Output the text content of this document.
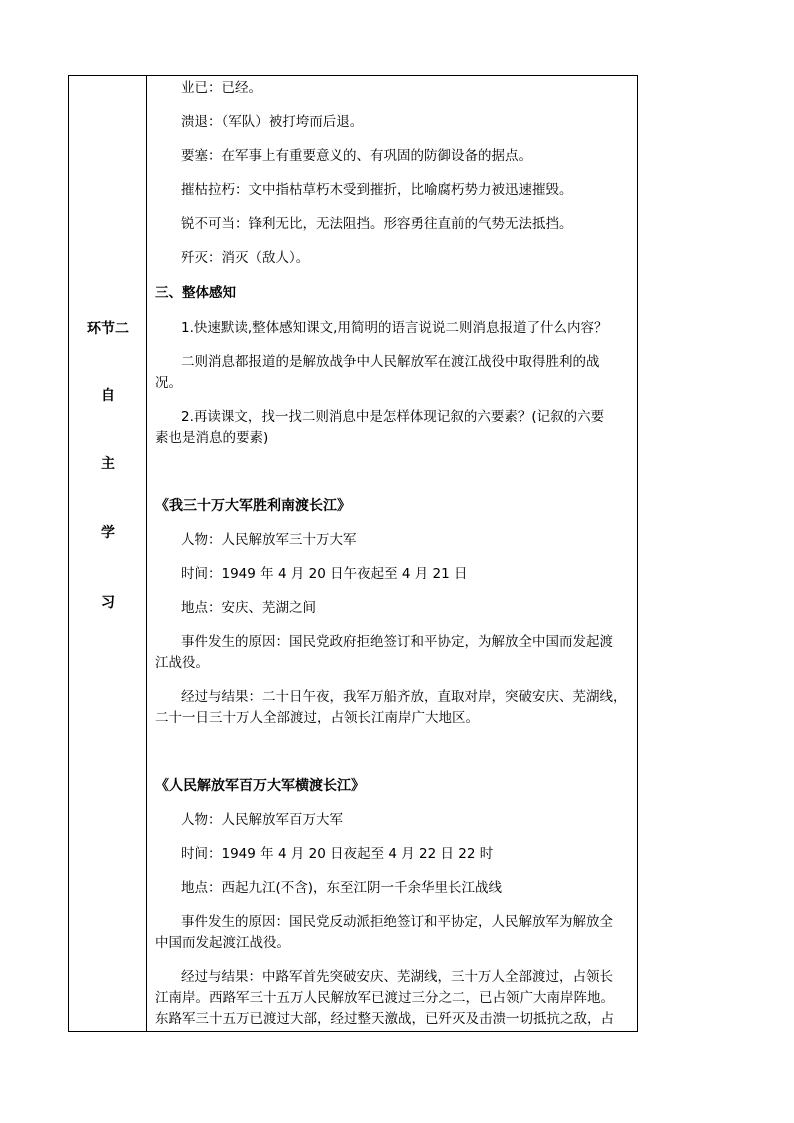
环节二
自
主
学
习
业已：已经。
溃退：（军队）被打垮而后退。
要塞：在军事上有重要意义的、有巩固的防御设备的据点。
摧枯拉朽：文中指枯草朽木受到摧折，比喻腐朽势力被迅速摧毁。
锐不可当：锋利无比，无法阻挡。形容勇往直前的气势无法抵挡。
歼灭：消灭（敌人）。
三、整体感知
1.快速默读,整体感知课文,用简明的语言说说二则消息报道了什么内容？
二则消息都报道的是解放战争中人民解放军在渡江战役中取得胜利的战
况。
2.再读课文，找一找二则消息中是怎样体现记叙的六要素？(记叙的六要
素也是消息的要素)
《我三十万大军胜利南渡长江》
人物：人民解放军三十万大军
时间：1949 年 4 月 20 日午夜起至 4 月 21 日
地点：安庆、芜湖之间
事件发生的原因：国民党政府拒绝签订和平协定，为解放全中国而发起渡
江战役。
经过与结果：二十日午夜，我军万船齐放，直取对岸，突破安庆、芜湖线，
二十一日三十万人全部渡过，占领长江南岸广大地区。
《人民解放军百万大军横渡长江》
人物：人民解放军百万大军
时间：1949 年 4 月 20 日夜起至 4 月 22 日 22 时
地点：西起九江(不含)，东至江阴一千余华里长江战线
事件发生的原因：国民党反动派拒绝签订和平协定，人民解放军为解放全
中国而发起渡江战役。
经过与结果：中路军首先突破安庆、芜湖线，三十万人全部渡过，占领长
江南岸。西路军三十五万人民解放军已渡过三分之二，已占领广大南岸阵地。
东路军三十五万已渡过大部，经过整天激战，已歼灭及击溃一切抵抗之敌，占
